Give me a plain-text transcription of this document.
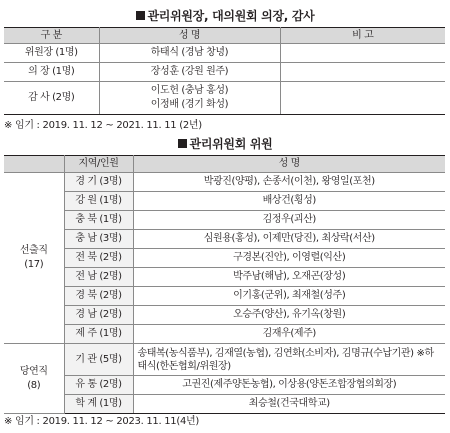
관리위원장, 대의원회 의장, 감사
구 분	성 명	비 고
위원장 (1명)	하태식 (경남 창녕)	
의 장 (1명)	장성훈 (강원 원주)	
감 사 (2명)	이도헌 (충남 홍성)
이정배 (경기 화성)	

※ 임기 : 2019. 11. 12 ~ 2021. 11. 11 (2년)
관리위원회 위원
	지역/인원	성 명

선출직
(17)	경 기 (3명)	박광진(양평), 손종서(이천), 왕영일(포천)
	강 원 (1명)	배상건(횡성)
	충 북 (1명)	김정우(괴산)
	충 남 (3명)	심원용(홍성), 이제만(당진), 최상락(서산)
	전 북 (2명)	구경본(진안), 이영렬(익산)
	전 남 (2명)	박주남(해남), 오재곤(장성)
	경 북 (2명)	이기홍(군위), 최재철(성주)
	경 남 (2명)	오승주(양산), 유기옥(창원)
	제 주 (1명)	김재우(제주)

당연직
(8)	기 관 (5명)	송태복(농식품부), 김재열(농협), 김연화(소비자), 김명규(수납기관) ※하태식(한돈협회/위원장)
	유 통 (2명)	고권진(제주양돈농협), 이상용(양돈조합장협의회장)
	학 계 (1명)	최승철(건국대학교)
※ 임기 : 2019. 11. 12 ~ 2023. 11. 11(4년)
